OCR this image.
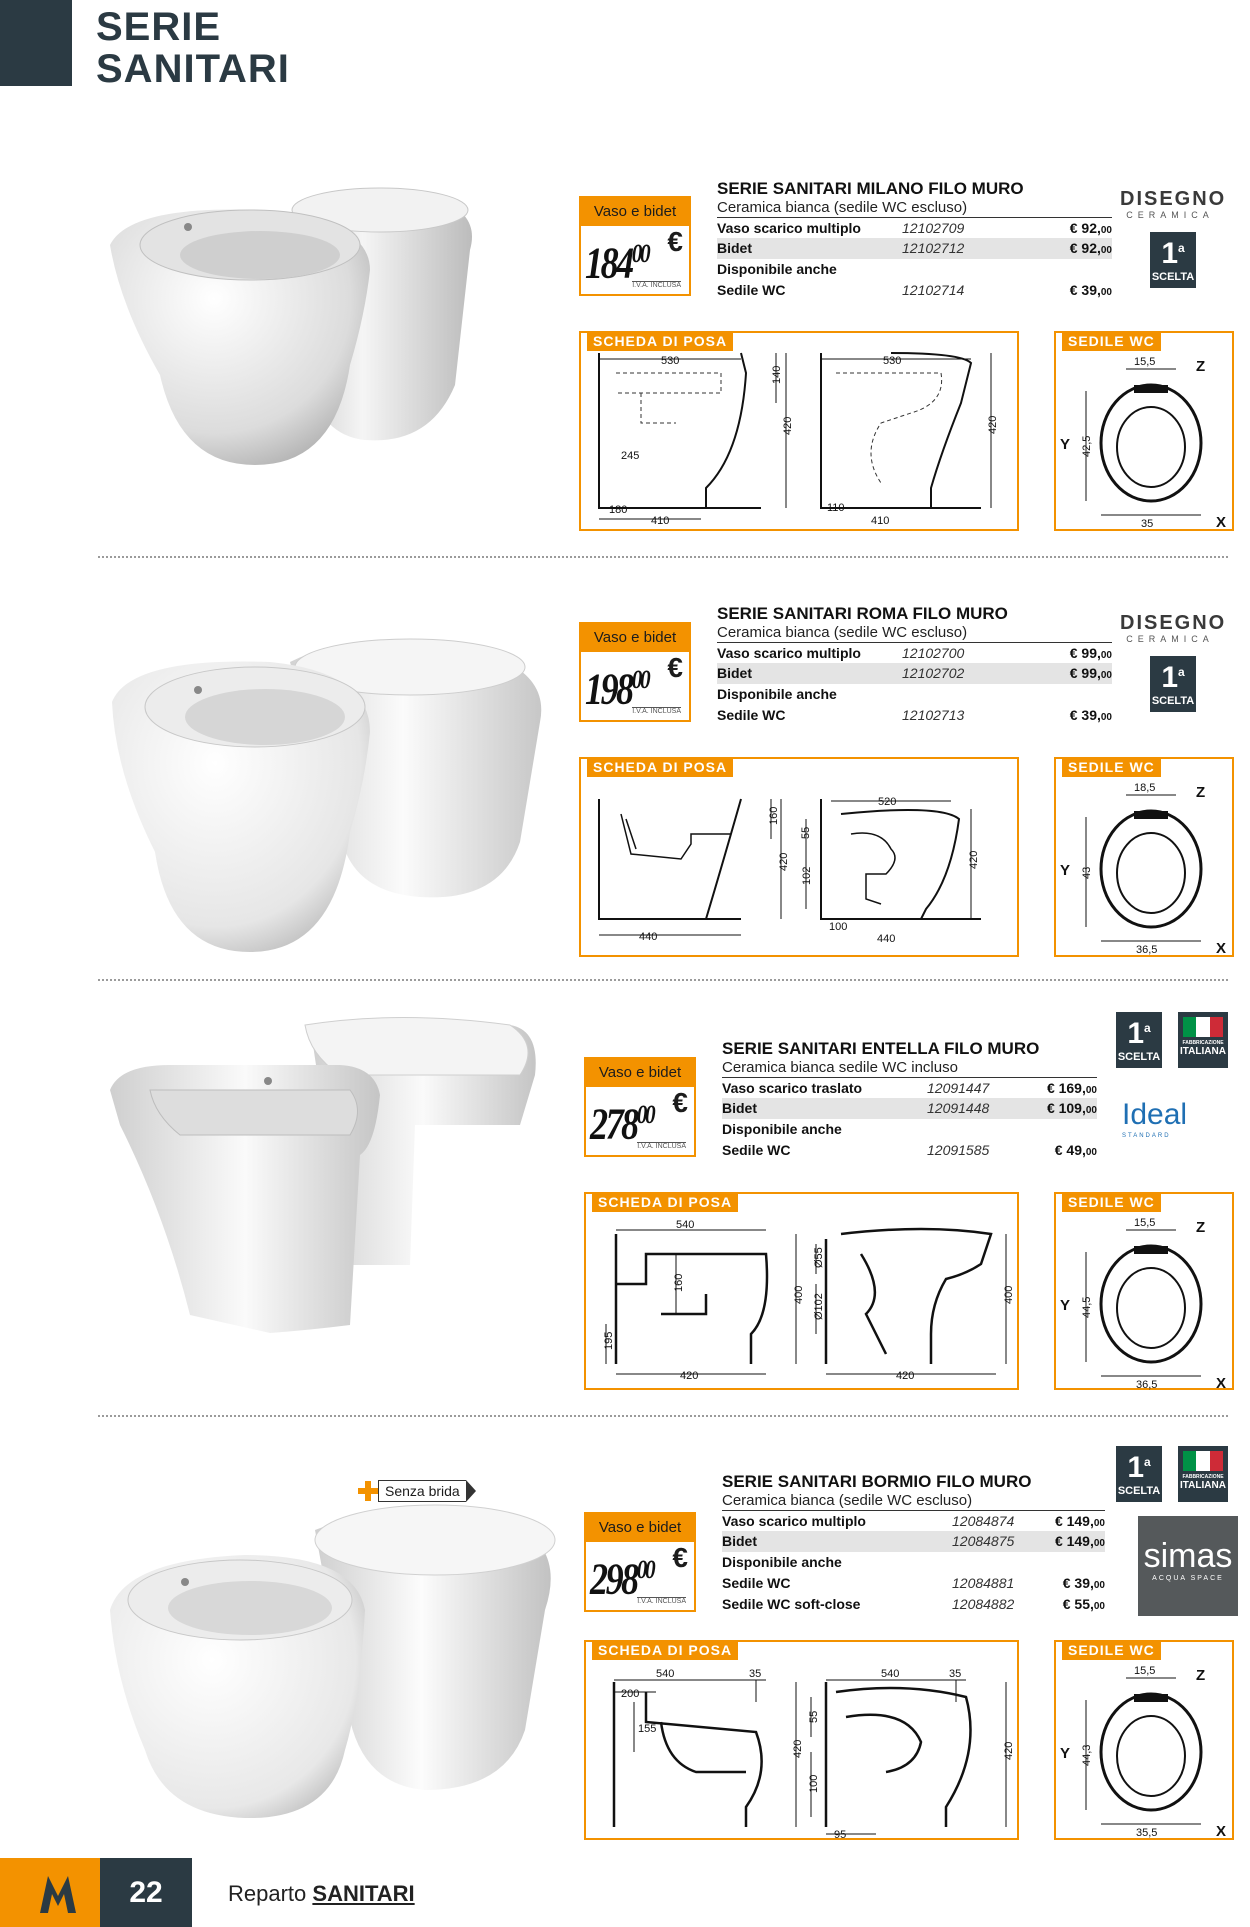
SERIE
SANITARI
Vaso e bidet
$184^{00}$ €
I.V.A. INCLUSA
SERIE SANITARI MILANO FILO MURO
Ceramica bianca (sedile WC escluso)
Vaso scarico multiplo	12102709	€ 92,00
Bidet	12102712	€ 92,00
Disponibile anche
Sedile WC	12102714	€ 39,00
DISEGNO
CERAMICA
1$^a$
SCELTA
SCHEDA DI POSA
530
140
420
245
180
410
530
420
110
410
SEDILE WC
15,5
42,5
35
Z
X
Y
Vaso e bidet
$198^{00}$ €
I.V.A. INCLUSA
SERIE SANITARI ROMA FILO MURO
Ceramica bianca (sedile WC escluso)
Vaso scarico multiplo	12102700	€ 99,00
Bidet	12102702	€ 99,00
Disponibile anche
Sedile WC	12102713	€ 39,00
DISEGNO
CERAMICA
1$^a$
SCELTA
SCHEDA DI POSA
160
420
440
520
55
102
420
100
440
SEDILE WC
18,5
43
36,5
Z
X
Y
Vaso e bidet
$278^{00}$ €
I.V.A. INCLUSA
SERIE SANITARI ENTELLA FILO MURO
Ceramica bianca sedile WC incluso
Vaso scarico traslato	12091447	€ 169,00
Bidet	12091448	€ 109,00
Disponibile anche
Sedile WC	12091585	€ 49,00
1$^a$
SCELTA
FABBRICAZIONE
ITALIANA
Ideal
STANDARD
SCHEDA DI POSA
540
160
400
195
420
Ø55
Ø102	400
420
SEDILE WC
15,5
44,5
36,5
Z
X
Y
Senza brida
Vaso e bidet
$298^{00}$ €
I.V.A. INCLUSA
SERIE SANITARI BORMIO FILO MURO
Ceramica bianca (sedile WC escluso)
Vaso scarico multiplo	12084874	€ 149,00
Bidet	12084875	€ 149,00
Disponibile anche
Sedile WC	12084881	€ 39,00
Sedile WC soft-close	12084882	€ 55,00
1$^a$
SCELTA
FABBRICAZIONE
ITALIANA
simas
ACQUA SPACE
SCHEDA DI POSA
540
200
35
155
420
540	35
55
100
420
95
SEDILE WC
15,5
44,3
35,5
Z
X
Y
22	Reparto SANITARI
